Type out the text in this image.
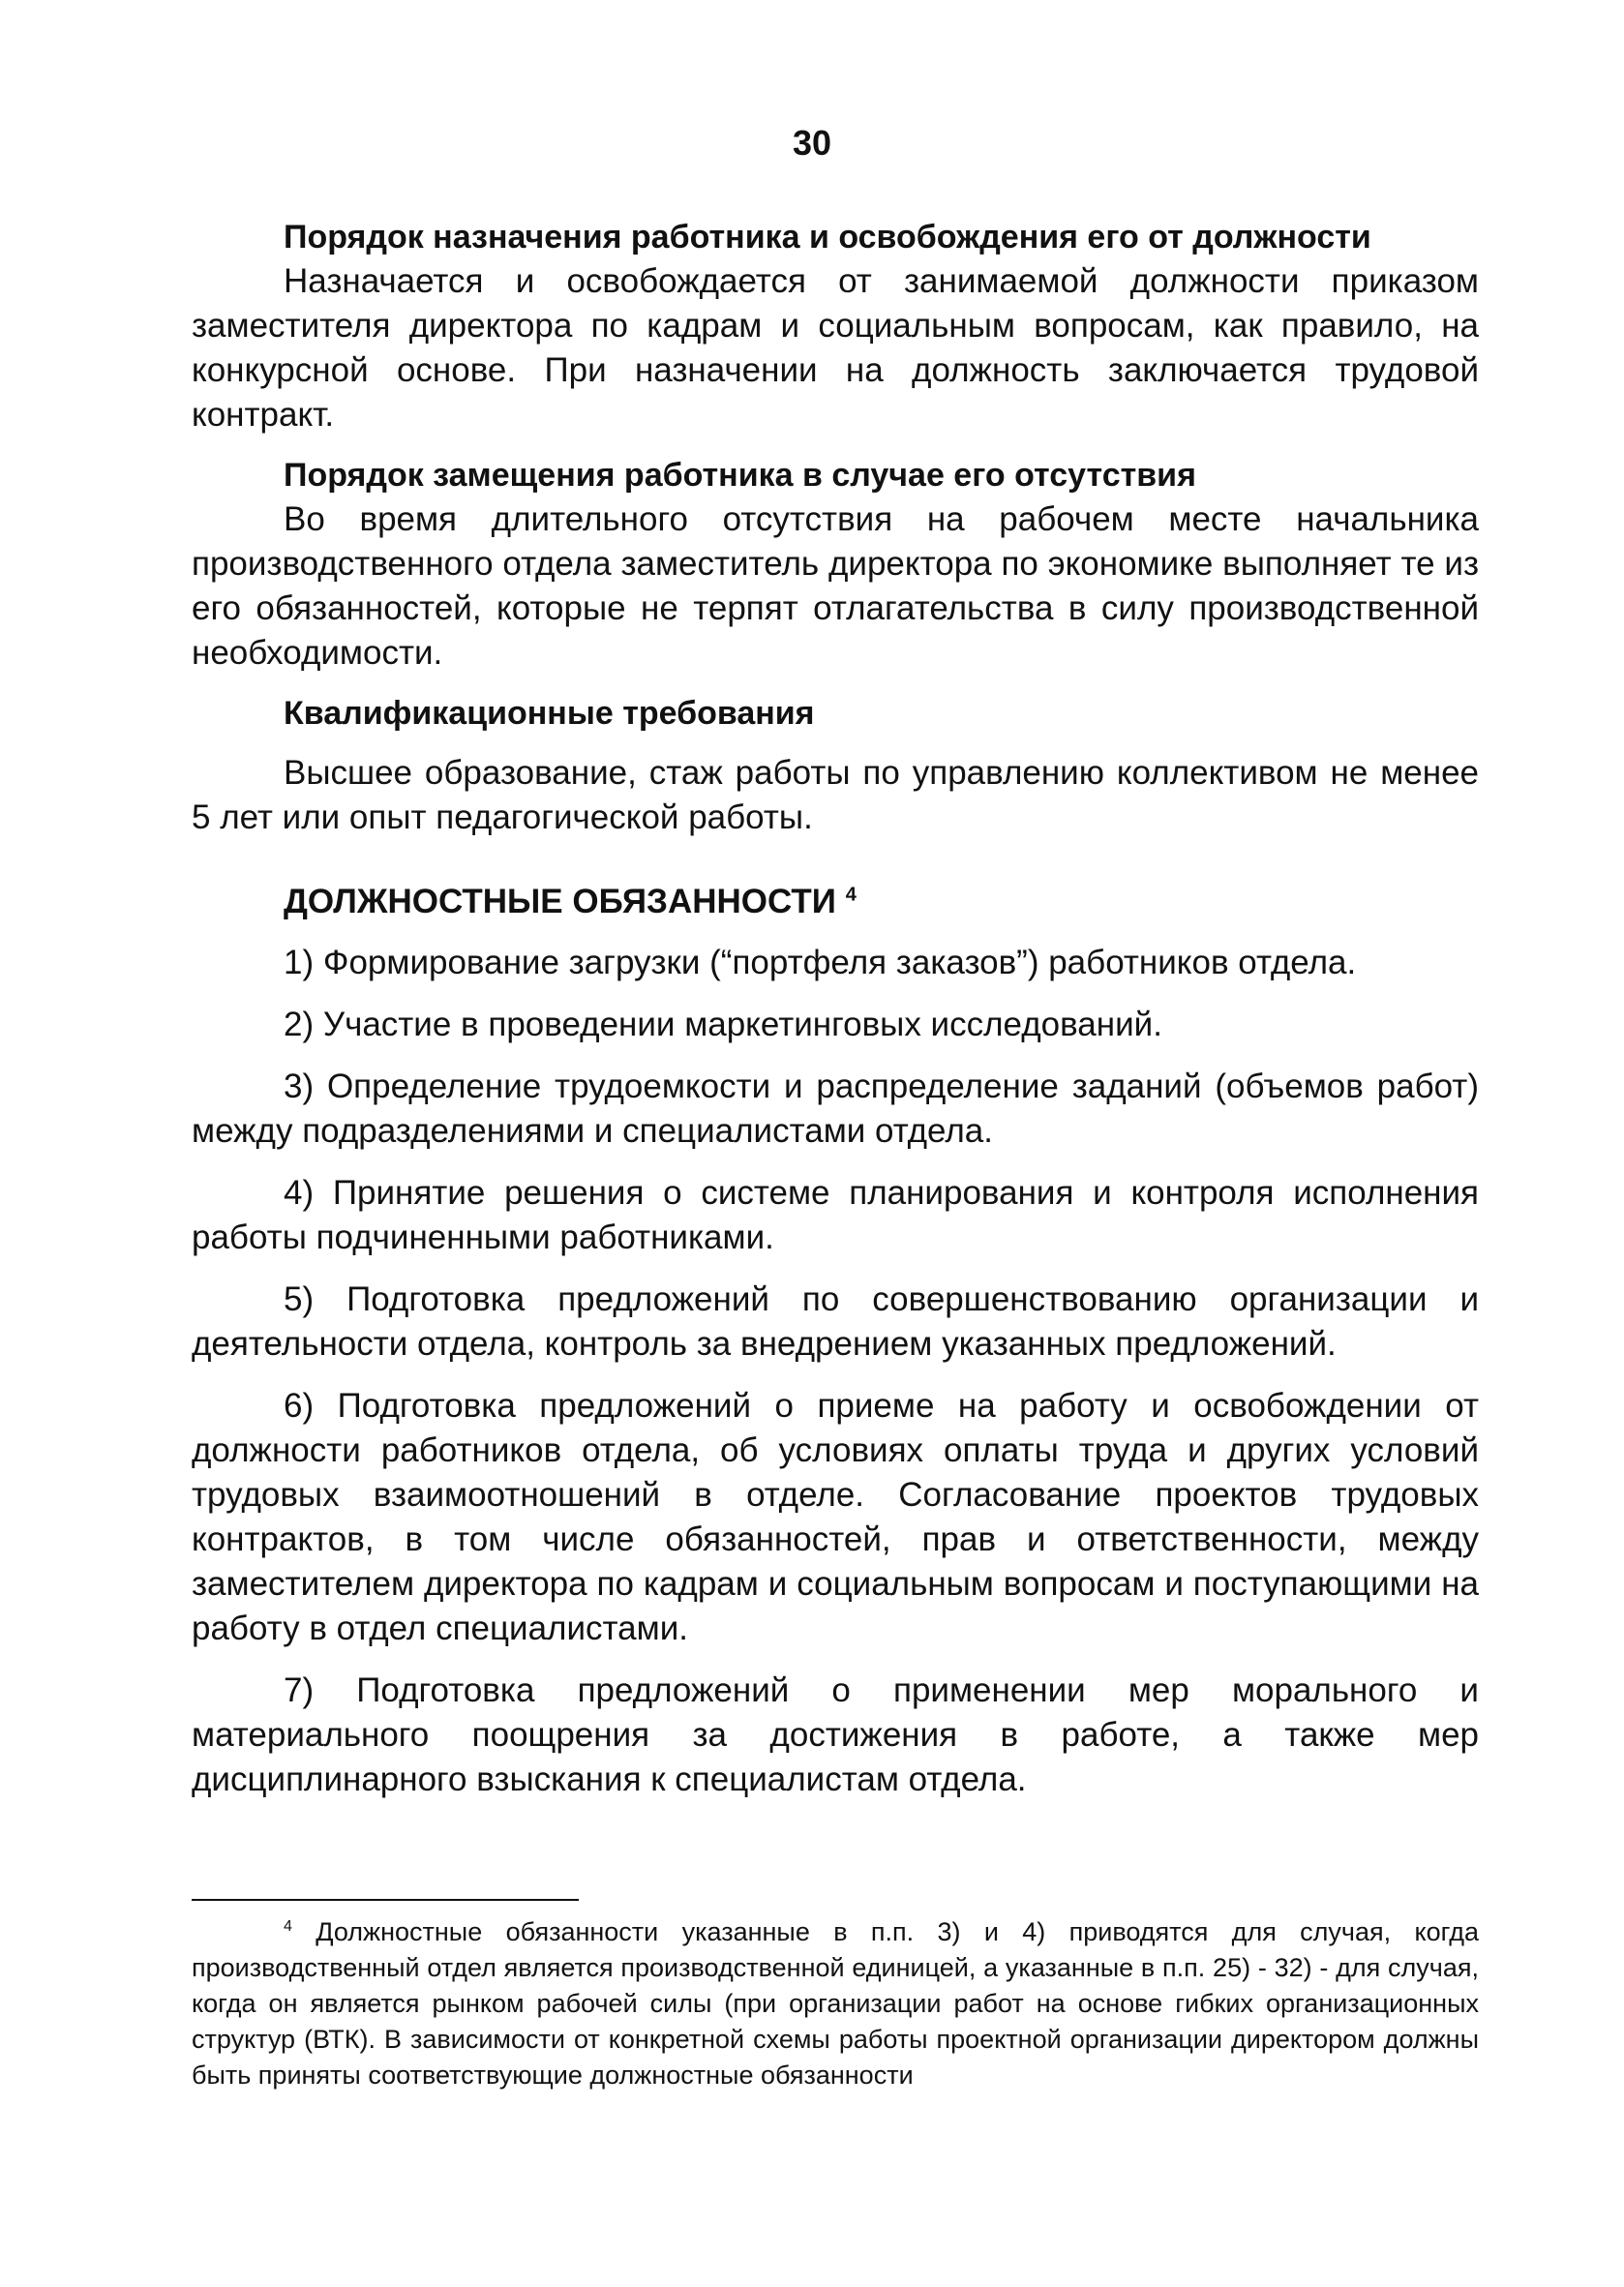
30

Порядок назначения работника и освобождения его от должности

Назначается и освобождается от занимаемой должности приказом заместителя директора по кадрам и социальным вопросам, как правило, на конкурсной основе. При назначении на должность заключается трудовой контракт.

Порядок замещения работника в случае его отсутствия

Во время длительного отсутствия на рабочем месте начальника производственного отдела заместитель директора по экономике выполняет те из его обязанностей, которые не терпят отлагательства в силу производственной необходимости.

Квалификационные требования

Высшее образование, стаж работы по управлению коллективом не менее 5 лет или опыт педагогической работы.

ДОЛЖНОСТНЫЕ ОБЯЗАННОСТИ $^4$

1) Формирование загрузки (“портфеля заказов”) работников отдела.

2) Участие в проведении маркетинговых исследований.

3) Определение трудоемкости и распределение заданий (объемов работ) между подразделениями и специалистами отдела.

4) Принятие решения о системе планирования и контроля исполнения работы подчиненными работниками.

5) Подготовка предложений по совершенствованию организации и деятельности отдела, контроль за внедрением указанных предложений.

6) Подготовка предложений о приеме на работу и освобождении от должности работников отдела, об условиях оплаты труда и других условий трудовых взаимоотношений в отделе. Согласование проектов трудовых контрактов, в том числе обязанностей, прав и ответственности, между заместителем директора по кадрам и социальным вопросам и поступающими на работу в отдел специалистами.

7) Подготовка предложений о применении мер морального и материального поощрения за достижения в работе, а также мер дисциплинарного взыскания к специалистам отдела.

$^4$ Должностные обязанности указанные в п.п. 3) и 4) приводятся для случая, когда производственный отдел является производственной единицей, а указанные в п.п. 25) - 32) - для случая, когда он является рынком рабочей силы (при организации работ на основе гибких организационных структур (ВТК). В зависимости от конкретной схемы работы проектной организации директором должны быть приняты соответствующие должностные обязанности
